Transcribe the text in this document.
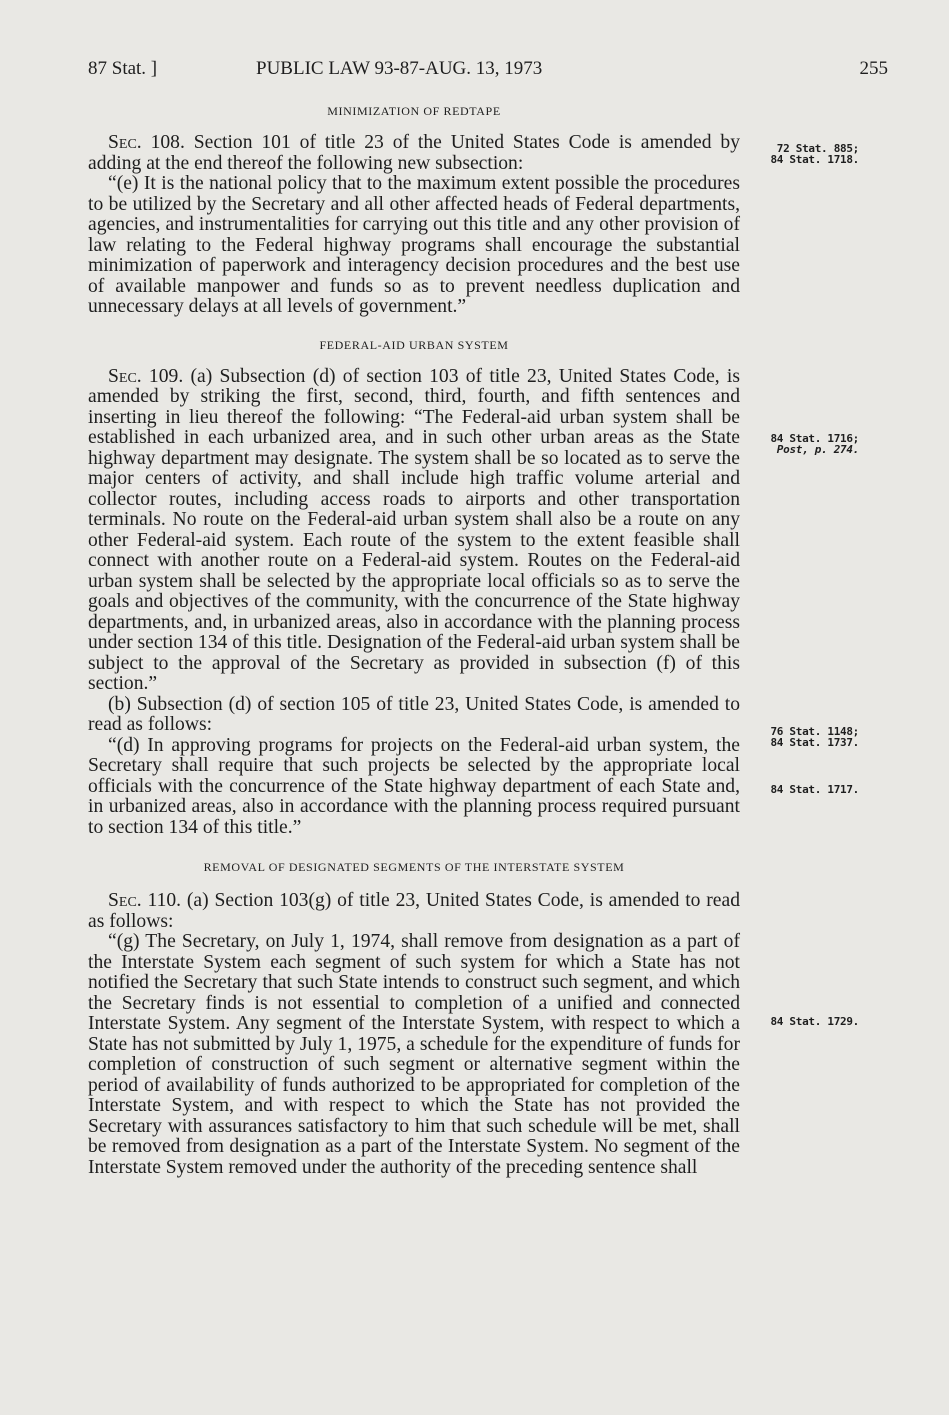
87 Stat. ]	PUBLIC LAW 93-87-AUG. 13, 1973	255

MINIMIZATION OF REDTAPE

Sec. 108. Section 101 of title 23 of the United States Code is amended by adding at the end thereof the following new subsection:

“(e) It is the national policy that to the maximum extent possible the procedures to be utilized by the Secretary and all other affected heads of Federal departments, agencies, and instrumentalities for carrying out this title and any other provision of law relating to the Federal highway programs shall encourage the substantial minimization of paperwork and interagency decision procedures and the best use of available manpower and funds so as to prevent needless duplication and unnecessary delays at all levels of government.”

FEDERAL-AID URBAN SYSTEM

Sec. 109. (a) Subsection (d) of section 103 of title 23, United States Code, is amended by striking the first, second, third, fourth, and fifth sentences and inserting in lieu thereof the following: “The Federal-aid urban system shall be established in each urbanized area, and in such other urban areas as the State highway department may designate. The system shall be so located as to serve the major centers of activity, and shall include high traffic volume arterial and collector routes, including access roads to airports and other transportation terminals. No route on the Federal-aid urban system shall also be a route on any other Federal-aid system. Each route of the system to the extent feasible shall connect with another route on a Federal-aid system. Routes on the Federal-aid urban system shall be selected by the appropriate local officials so as to serve the goals and objectives of the community, with the concurrence of the State highway departments, and, in urbanized areas, also in accordance with the planning process under section 134 of this title. Designation of the Federal-aid urban system shall be subject to the approval of the Secretary as provided in subsection (f) of this section.”

(b) Subsection (d) of section 105 of title 23, United States Code, is amended to read as follows:

“(d) In approving programs for projects on the Federal-aid urban system, the Secretary shall require that such projects be selected by the appropriate local officials with the concurrence of the State highway department of each State and, in urbanized areas, also in accordance with the planning process required pursuant to section 134 of this title.”

REMOVAL OF DESIGNATED SEGMENTS OF THE INTERSTATE SYSTEM

Sec. 110. (a) Section 103(g) of title 23, United States Code, is amended to read as follows:

“(g) The Secretary, on July 1, 1974, shall remove from designation as a part of the Interstate System each segment of such system for which a State has not notified the Secretary that such State intends to construct such segment, and which the Secretary finds is not essential to completion of a unified and connected Interstate System. Any segment of the Interstate System, with respect to which a State has not submitted by July 1, 1975, a schedule for the expenditure of funds for completion of construction of such segment or alternative segment within the period of availability of funds authorized to be appropriated for completion of the Interstate System, and with respect to which the State has not provided the Secretary with assurances satisfactory to him that such schedule will be met, shall be removed from designation as a part of the Interstate System. No segment of the Interstate System removed under the authority of the preceding sentence shall

72 Stat. 885;
84 Stat. 1718.
84 Stat. 1716;
Post, p. 274.
76 Stat. 1148;
84 Stat. 1737.
84 Stat. 1717.
84 Stat. 1729.
